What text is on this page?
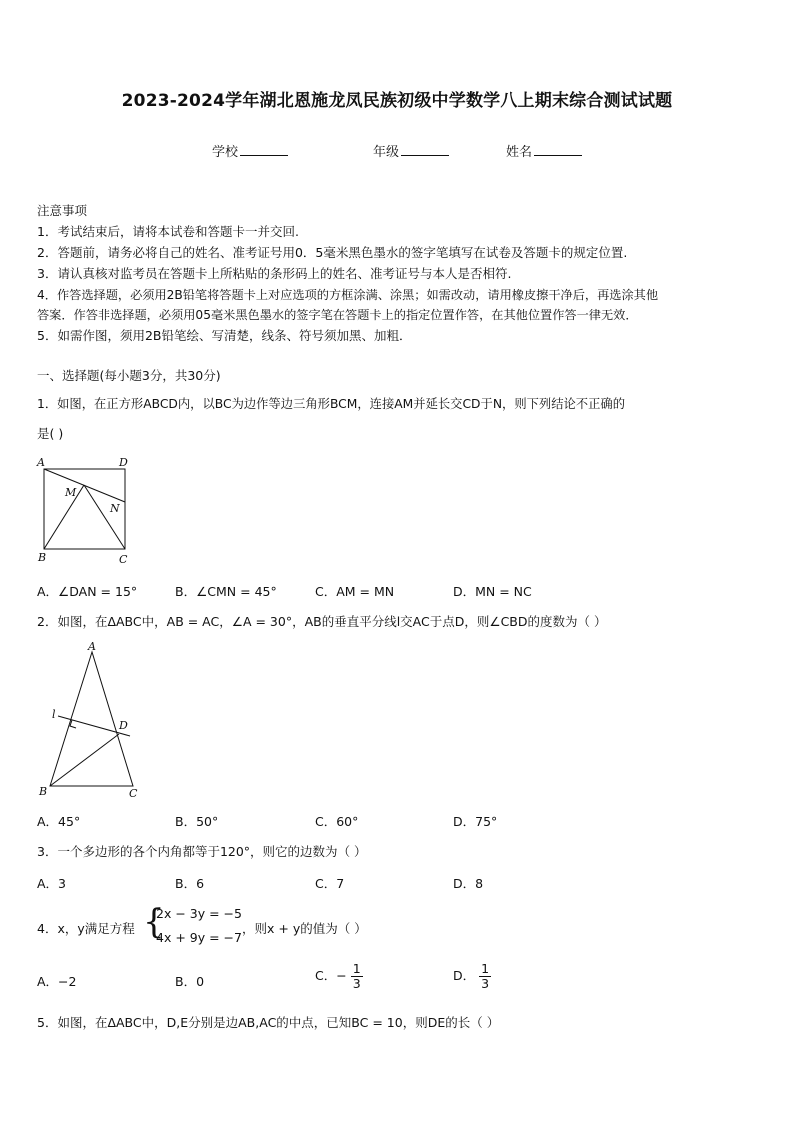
2023-2024学年湖北恩施龙凤民族初级中学数学八上期末综合测试试题
学校	年级	姓名
注意事项
1．考试结束后，请将本试卷和答题卡一并交回.
2．答题前，请务必将自己的姓名、准考证号用0．5毫米黑色墨水的签字笔填写在试卷及答题卡的规定位置.
3．请认真核对监考员在答题卡上所粘贴的条形码上的姓名、准考证号与本人是否相符.
4．作答选择题，必须用2B铅笔将答题卡上对应选项的方框涂满、涂黑；如需改动，请用橡皮擦干净后，再选涂其他
答案．作答非选择题，必须用05毫米黑色墨水的签字笔在答题卡上的指定位置作答，在其他位置作答一律无效．
5．如需作图，须用2B铅笔绘、写清楚，线条、符号须加黑、加粗．
一、选择题(每小题3分，共30分)
1．如图，在正方形ABCD内，以BC为边作等边三角形BCM，连接AM并延长交CD于N，则下列结论不正确的
是( )
A	D
M
N
B	C
A．∠DAN = 15°	B．∠CMN = 45°	C．AM = MN	D．MN = NC
2．如图，在ΔABC中，AB = AC，∠A = 30°，AB的垂直平分线l交AC于点D，则∠CBD的度数为（ ）
A
l
D
B	C
A．45°	B．50°	C．60°	D．75°
3．一个多边形的各个内角都等于120°，则它的边数为（ ）
A．3	B．6	C．7	D．8
4．x，y满足方程 {
2x − 3y = −5
4x + 9y = −7
，则x + y的值为（ ）
A．−2	B．0	C．− $\frac{1}{3}$	D． $\frac{1}{3}$
5．如图，在ΔABC中，D,E分别是边AB,AC的中点，已知BC = 10，则DE的长（ ）
